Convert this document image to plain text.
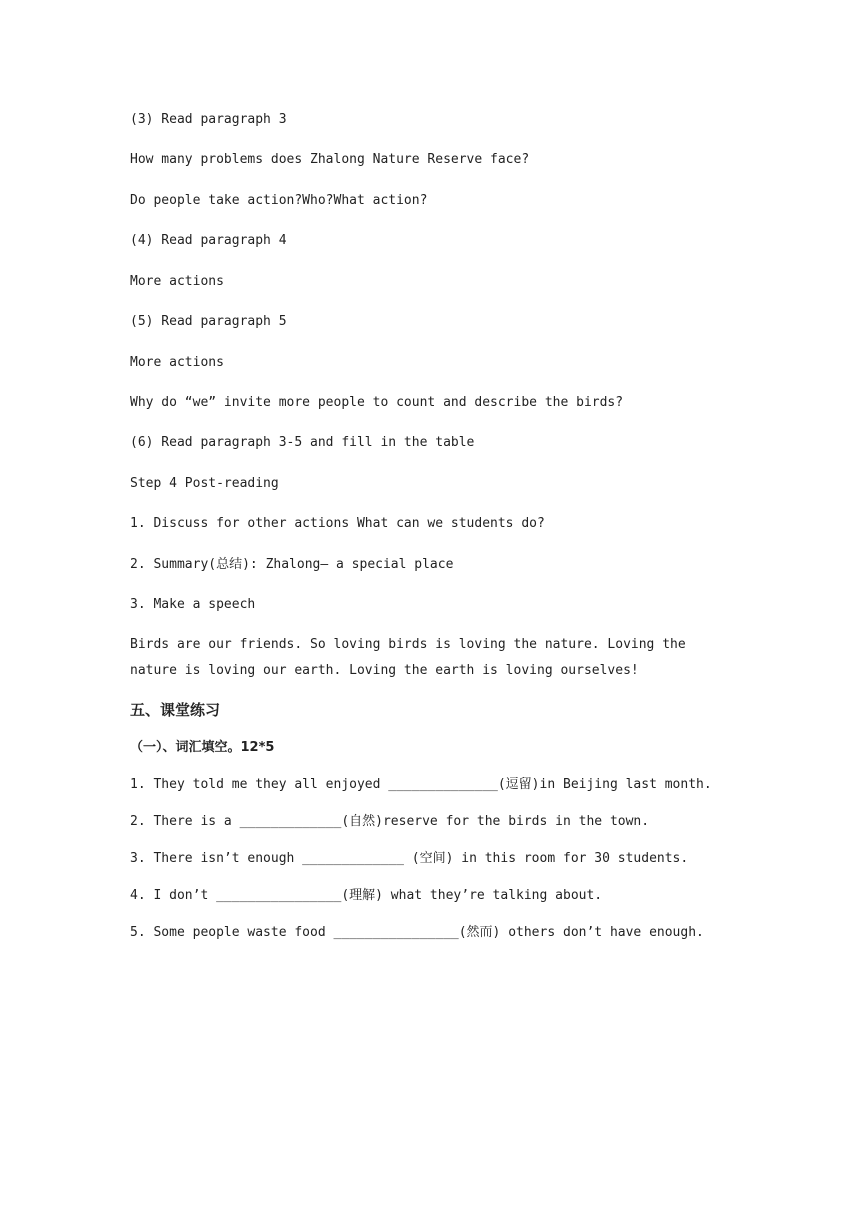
(3) Read paragraph 3
How many problems does Zhalong Nature Reserve face?
Do people take action?Who?What action?
(4) Read paragraph 4
More actions
(5) Read paragraph 5
More actions
Why do “we” invite more people to count and describe the birds?
(6) Read paragraph 3-5 and fill in the table
Step 4 Post-reading
1. Discuss for other actions What can we students do?
2. Summary(总结): Zhalong— a special place
3. Make a speech
Birds are our friends. So loving birds is loving the nature. Loving the nature is loving our earth. Loving the earth is loving ourselves!
五、课堂练习
（一）、词汇填空。12*5
1. They told me they all enjoyed ______________(逗留)in Beijing last month.
2. There is a _____________(自然)reserve for the birds in the town.
3. There isn’t enough _____________ (空间) in this room for 30 students.
4. I don’t ________________(理解) what they’re talking about.
5. Some people waste food ________________(然而) others don’t have enough.
